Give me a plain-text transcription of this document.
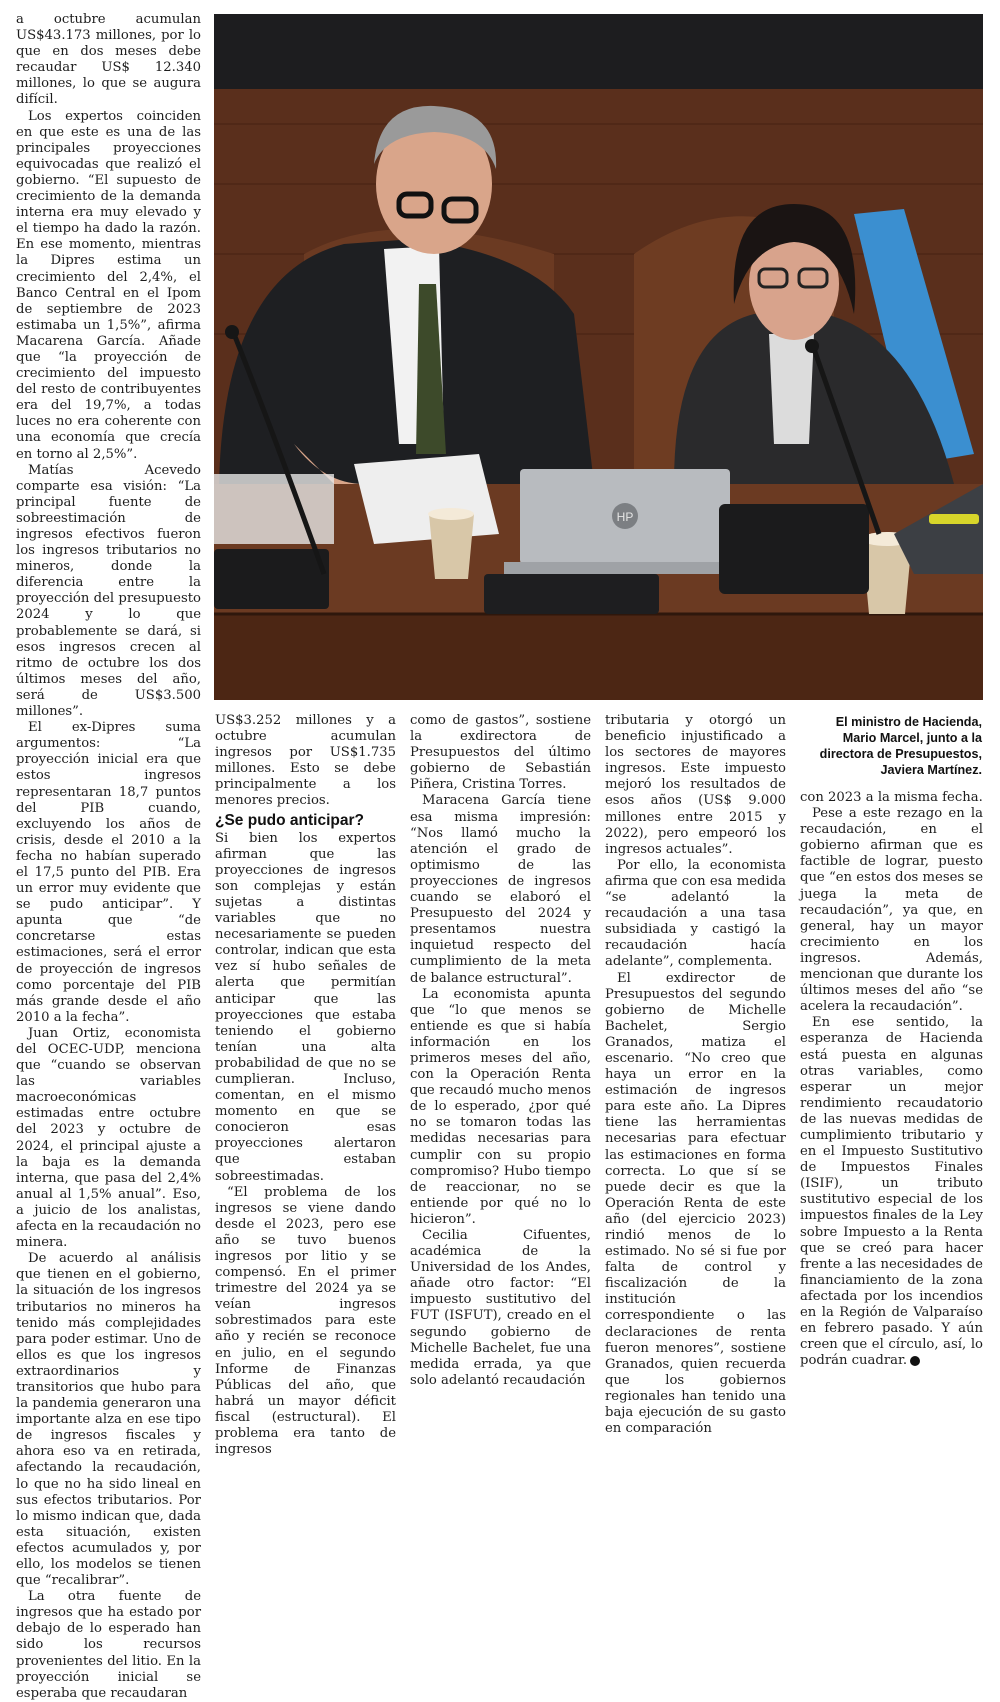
HP
El ministro de Hacienda, Mario Marcel, junto a la directora de Presupuestos, Javiera Martínez.

a octubre acumulan US$43.173 millones, por lo que en dos meses debe recaudar US$ 12.340 millones, lo que se augura difícil.

Los expertos coinciden en que este es una de las principales proyecciones equivocadas que realizó el gobierno. “El supuesto de crecimiento de la demanda interna era muy elevado y el tiempo ha dado la razón. En ese momento, mientras la Dipres estima un crecimiento del 2,4%, el Banco Central en el Ipom de septiembre de 2023 estimaba un 1,5%”, afirma Macarena García. Añade que “la proyección de crecimiento del impuesto del resto de contribuyentes era del 19,7%, a todas luces no era coherente con una economía que crecía en torno al 2,5%”.

Matías Acevedo comparte esa visión: “La principal fuente de sobreestimación de ingresos efectivos fueron los ingresos tributarios no mineros, donde la diferencia entre la proyección del presupuesto 2024 y lo que probablemente se dará, si esos ingresos crecen al ritmo de octubre los dos últimos meses del año, será de US$3.500 millones”.

El ex-Dipres suma argumentos: “La proyección inicial era que estos ingresos representaran 18,7 puntos del PIB cuando, excluyendo los años de crisis, desde el 2010 a la fecha no habían superado el 17,5 punto del PIB. Era un error muy evidente que se pudo anticipar”. Y apunta que “de concretarse estas estimaciones, será el error de proyección de ingresos como porcentaje del PIB más grande desde el año 2010 a la fecha”.

Juan Ortiz, economista del OCEC-UDP, menciona que “cuando se observan las variables macroeconómicas estimadas entre octubre del 2023 y octubre de 2024, el principal ajuste a la baja es la demanda interna, que pasa del 2,4% anual al 1,5% anual”. Eso, a juicio de los analistas, afecta en la recaudación no minera.

De acuerdo al análisis que tienen en el gobierno, la situación de los ingresos tributarios no mineros ha tenido más complejidades para poder estimar. Uno de ellos es que los ingresos extraordinarios y transitorios que hubo para la pandemia generaron una importante alza en ese tipo de ingresos fiscales y ahora eso va en retirada, afectando la recaudación, lo que no ha sido lineal en sus efectos tributarios. Por lo mismo indican que, dada esta situación, existen efectos acumulados y, por ello, los modelos se tienen que “recalibrar”.

La otra fuente de ingresos que ha estado por debajo de lo esperado han sido los recursos provenientes del litio. En la proyección inicial se esperaba que recaudaran

US$3.252 millones y a octubre acumulan ingresos por US$1.735 millones. Esto se debe principalmente a los menores precios.

¿Se pudo anticipar?

Si bien los expertos afirman que las proyecciones de ingresos son complejas y están sujetas a distintas variables que no necesariamente se pueden controlar, indican que esta vez sí hubo señales de alerta que permitían anticipar que las proyecciones que estaba teniendo el gobierno tenían una alta probabilidad de que no se cumplieran. Incluso, comentan, en el mismo momento en que se conocieron esas proyecciones alertaron que estaban sobreestimadas.

“El problema de los ingresos se viene dando desde el 2023, pero ese año se tuvo buenos ingresos por litio y se compensó. En el primer trimestre del 2024 ya se veían ingresos sobrestimados para este año y recién se reconoce en julio, en el segundo Informe de Finanzas Públicas del año, que habrá un mayor déficit fiscal (estructural). El problema era tanto de ingresos

como de gastos”, sostiene la exdirectora de Presupuestos del último gobierno de Sebastián Piñera, Cristina Torres.

Maracena García tiene esa misma impresión: “Nos llamó mucho la atención el grado de optimismo de las proyecciones de ingresos cuando se elaboró el Presupuesto del 2024 y presentamos nuestra inquietud respecto del cumplimiento de la meta de balance estructural”.

La economista apunta que “lo que menos se entiende es que si había información en los primeros meses del año, con la Operación Renta que recaudó mucho menos de lo esperado, ¿por qué no se tomaron todas las medidas necesarias para cumplir con su propio compromiso? Hubo tiempo de reaccionar, no se entiende por qué no lo hicieron”.

Cecilia Cifuentes, académica de la Universidad de los Andes, añade otro factor: “El impuesto sustitutivo del FUT (ISFUT), creado en el segundo gobierno de Michelle Bachelet, fue una medida errada, ya que solo adelantó recaudación

tributaria y otorgó un beneficio injustificado a los sectores de mayores ingresos. Este impuesto mejoró los resultados de esos años (US$ 9.000 millones entre 2015 y 2022), pero empeoró los ingresos actuales”.

Por ello, la economista afirma que con esa medida “se adelantó la recaudación a una tasa subsidiada y castigó la recaudación hacía adelante”, complementa.

El exdirector de Presupuestos del segundo gobierno de Michelle Bachelet, Sergio Granados, matiza el escenario. “No creo que haya un error en la estimación de ingresos para este año. La Dipres tiene las herramientas necesarias para efectuar las estimaciones en forma correcta. Lo que sí se puede decir es que la Operación Renta de este año (del ejercicio 2023) rindió menos de lo estimado. No sé si fue por falta de control y fiscalización de la institución correspondiente o las declaraciones de renta fueron menores”, sostiene Granados, quien recuerda que los gobiernos regionales han tenido una baja ejecución de su gasto en comparación

con 2023 a la misma fecha.

Pese a este rezago en la recaudación, en el gobierno afirman que es factible de lograr, puesto que “en estos dos meses se juega la meta de recaudación”, ya que, en general, hay un mayor crecimiento en los ingresos. Además, mencionan que durante los últimos meses del año “se acelera la recaudación”.

En ese sentido, la esperanza de Hacienda está puesta en algunas otras variables, como esperar un mejor rendimiento recaudatorio de las nuevas medidas de cumplimiento tributario y en el Impuesto Sustitutivo de Impuestos Finales (ISIF), un tributo sustitutivo especial de los impuestos finales de la Ley sobre Impuesto a la Renta que se creó para hacer frente a las necesidades de financiamiento de la zona afectada por los incendios en la Región de Valparaíso en febrero pasado. Y aún creen que el círculo, así, lo podrán cuadrar.
